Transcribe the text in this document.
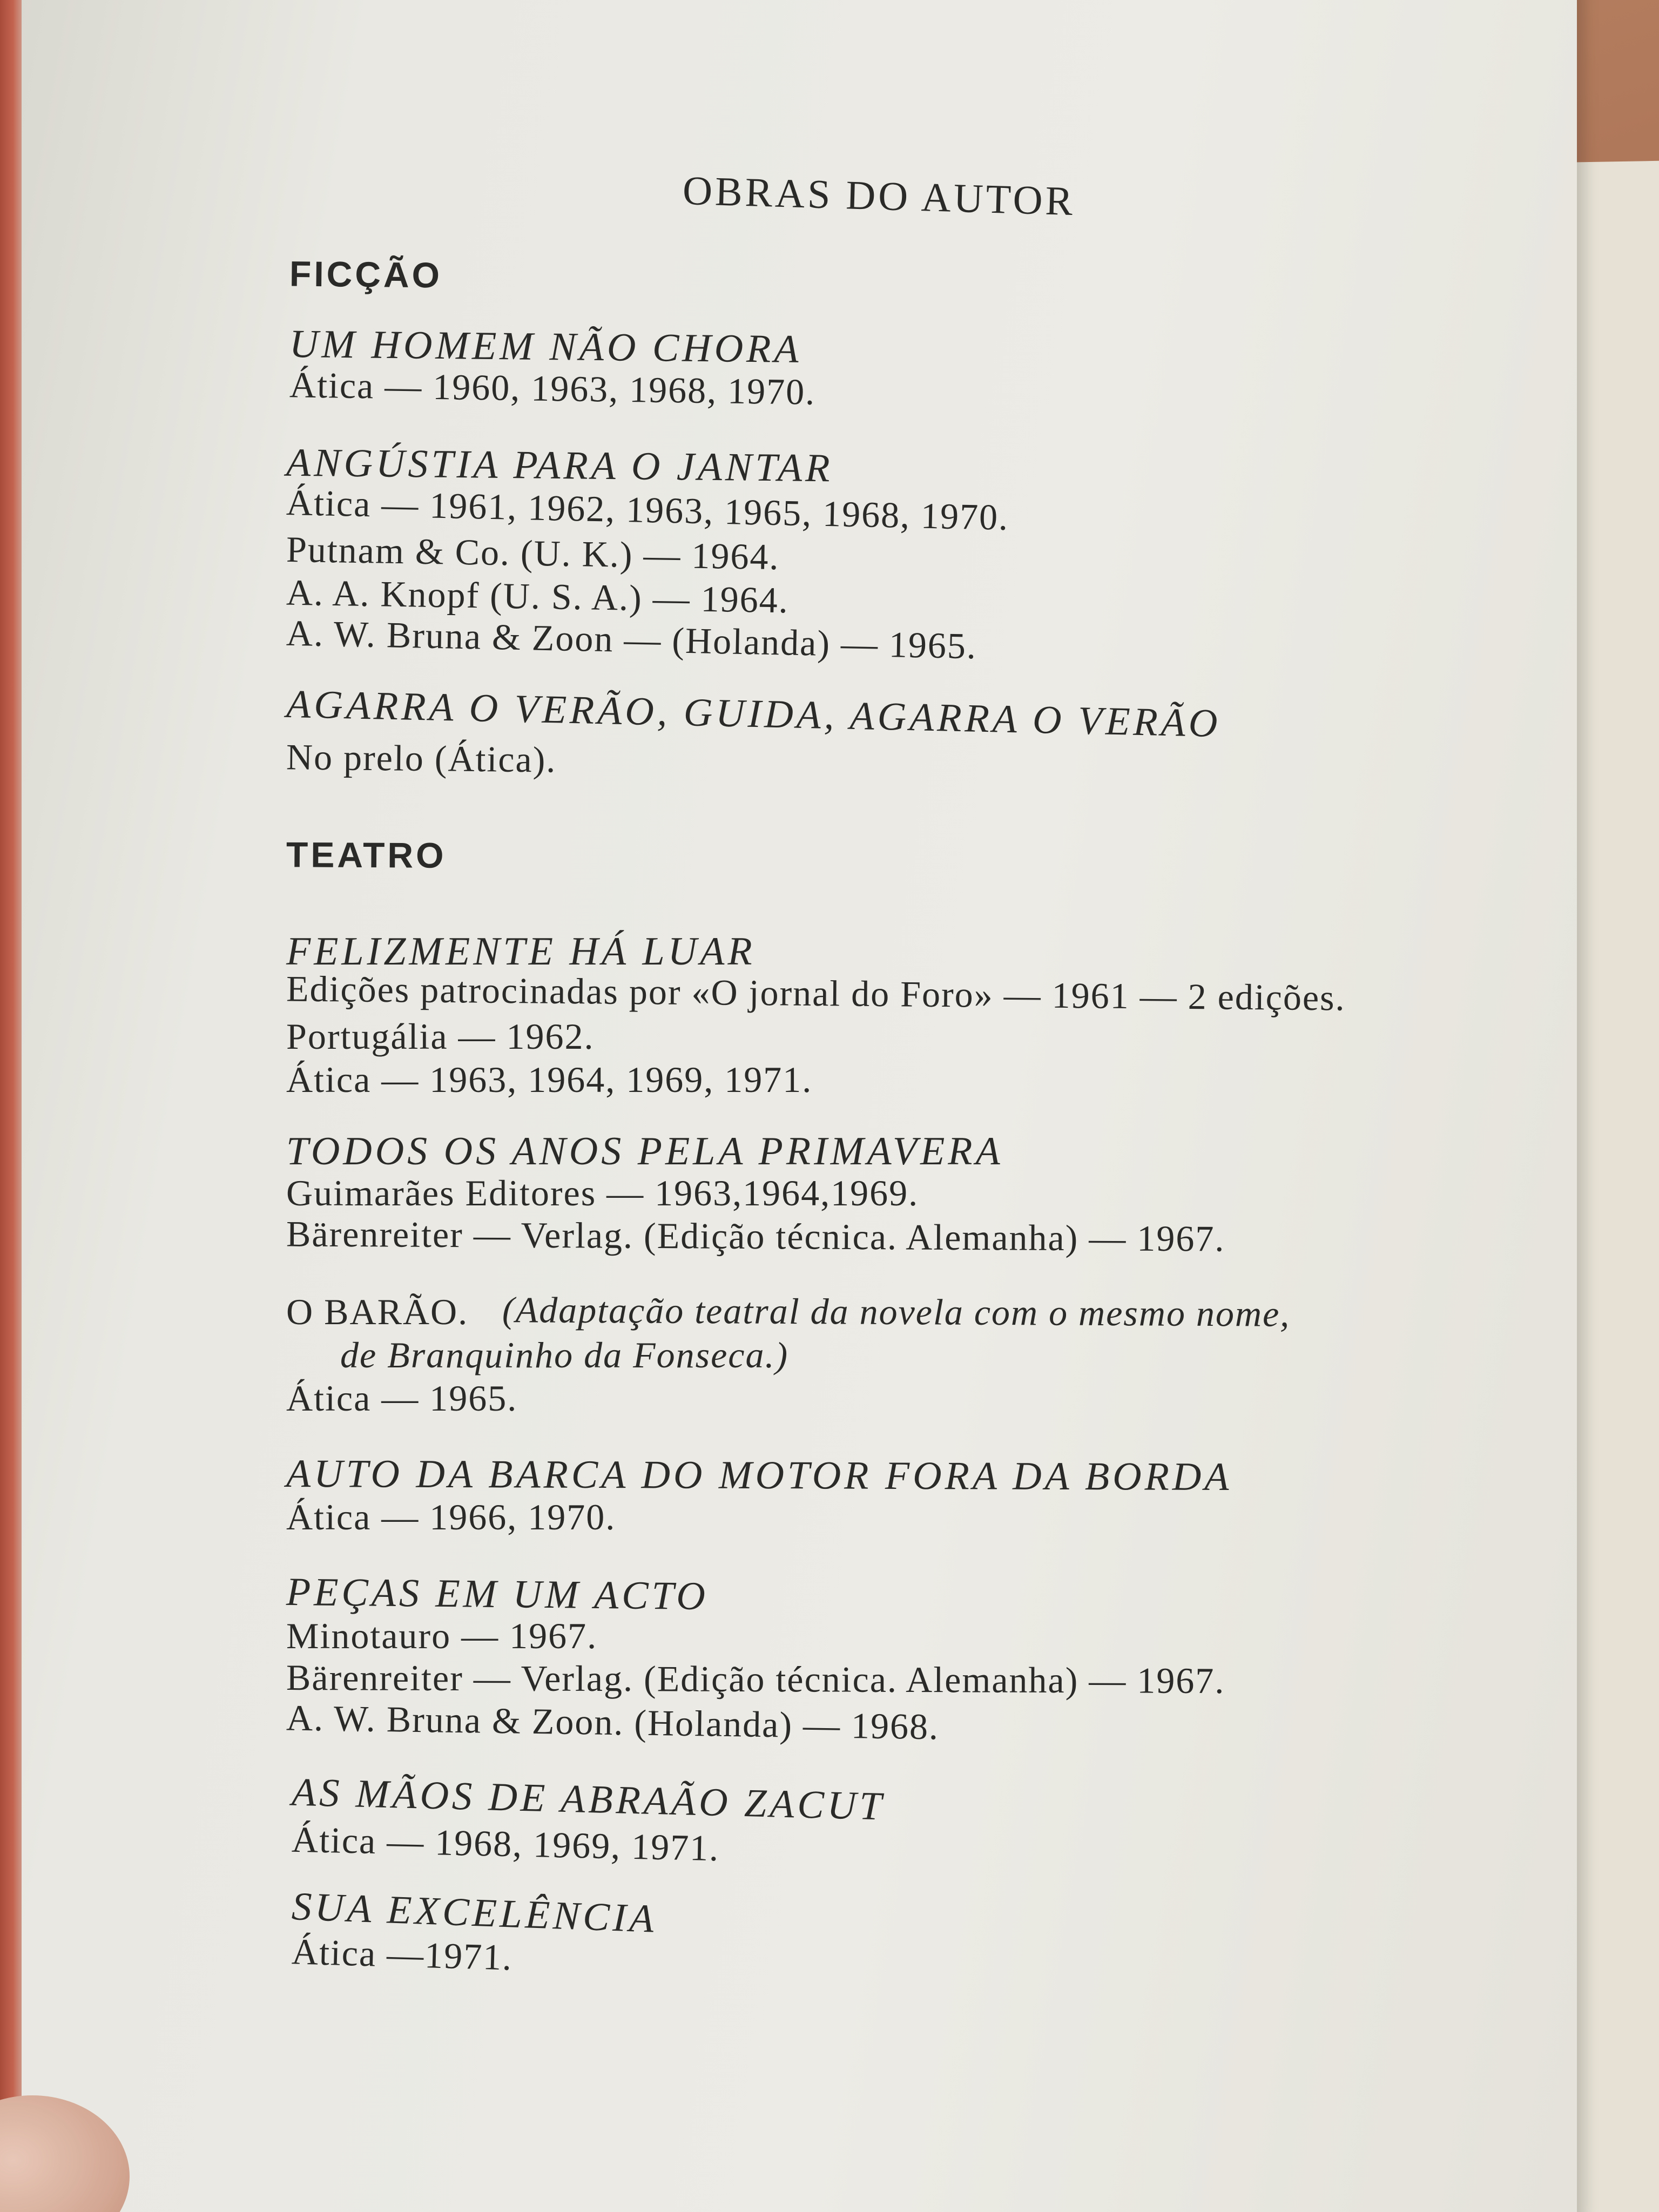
OBRAS DO AUTOR

FICÇÃO

UM HOMEM NÃO CHORA

Ática — 1960, 1963, 1968, 1970.

ANGÚSTIA PARA O JANTAR

Ática — 1961, 1962, 1963, 1965, 1968, 1970.

Putnam & Co. (U. K.) — 1964.

A. A. Knopf (U. S. A.) — 1964.

A. W. Bruna & Zoon — (Holanda) — 1965.

AGARRA O VERÃO, GUIDA, AGARRA O VERÃO

No prelo (Ática).

TEATRO

FELIZMENTE HÁ LUAR

Edições patrocinadas por «O jornal do Foro» — 1961 — 2 edições.

Portugália — 1962.

Ática — 1963, 1964, 1969, 1971.

TODOS OS ANOS PELA PRIMAVERA

Guimarães Editores — 1963,1964,1969.

Bärenreiter — Verlag. (Edição técnica. Alemanha) — 1967.

O BARÃO. (Adaptação teatral da novela com o mesmo nome,

de Branquinho da Fonseca.)

Ática — 1965.

AUTO DA BARCA DO MOTOR FORA DA BORDA

Ática — 1966, 1970.

PEÇAS EM UM ACTO

Minotauro — 1967.

Bärenreiter — Verlag. (Edição técnica. Alemanha) — 1967.

A. W. Bruna & Zoon. (Holanda) — 1968.

AS MÃOS DE ABRAÃO ZACUT

Ática — 1968, 1969, 1971.

SUA EXCELÊNCIA

Ática —1971.
